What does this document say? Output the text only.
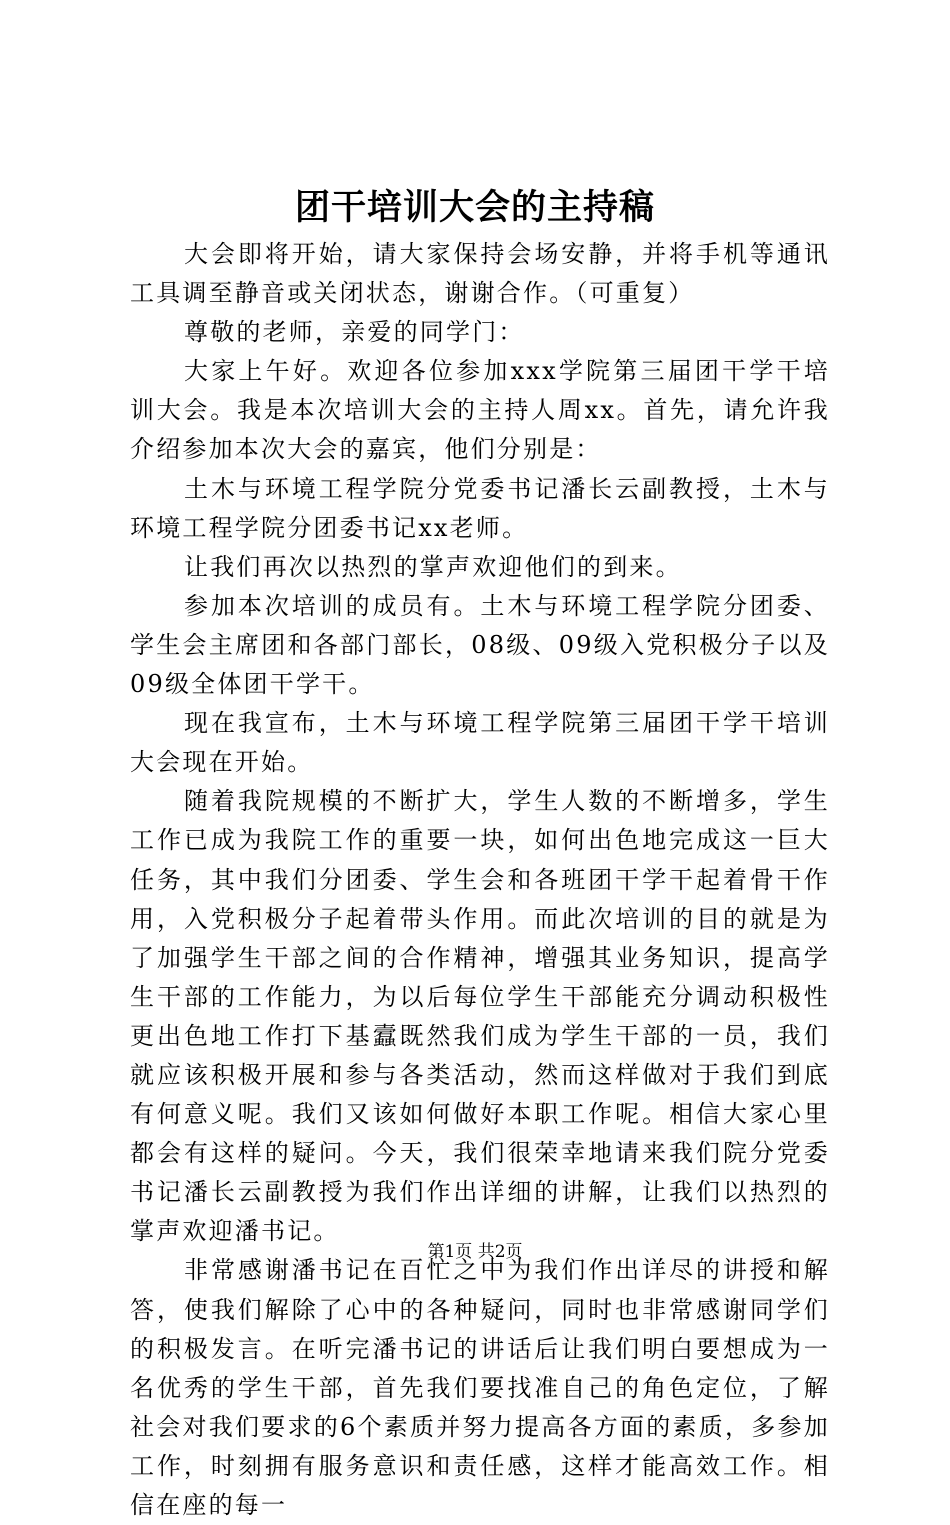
团干培训大会的主持稿

大会即将开始，请大家保持会场安静，并将手机等通讯工具调至静音或关闭状态，谢谢合作。（可重复）

尊敬的老师，亲爱的同学门：

大家上午好。欢迎各位参加xxx学院第三届团干学干培训大会。我是本次培训大会的主持人周xx。首先，请允许我介绍参加本次大会的嘉宾，他们分别是：

土木与环境工程学院分党委书记潘长云副教授，土木与环境工程学院分团委书记xx老师。

让我们再次以热烈的掌声欢迎他们的到来。

参加本次培训的成员有。土木与环境工程学院分团委、学生会主席团和各部门部长，08级、09级入党积极分子以及09级全体团干学干。

现在我宣布，土木与环境工程学院第三届团干学干培训大会现在开始。

随着我院规模的不断扩大，学生人数的不断增多，学生工作已成为我院工作的重要一块，如何出色地完成这一巨大任务，其中我们分团委、学生会和各班团干学干起着骨干作用，入党积极分子起着带头作用。而此次培训的目的就是为了加强学生干部之间的合作精神，增强其业务知识，提高学生干部的工作能力，为以后每位学生干部能充分调动积极性更出色地工作打下基蠧既然我们成为学生干部的一员，我们就应该积极开展和参与各类活动，然而这样做对于我们到底有何意义呢。我们又该如何做好本职工作呢。相信大家心里都会有这样的疑问。今天，我们很荣幸地请来我们院分党委书记潘长云副教授为我们作出详细的讲解，让我们以热烈的掌声欢迎潘书记。

非常感谢潘书记在百忙之中为我们作出详尽的讲授和解答，使我们解除了心中的各种疑问，同时也非常感谢同学们的积极发言。在听完潘书记的讲话后让我们明白要想成为一名优秀的学生干部，首先我们要找准自己的角色定位，了解社会对我们要求的6个素质并努力提高各方面的素质，多参加工作，时刻拥有服务意识和责任感，这样才能高效工作。相信在座的每一

第1页 共2页
